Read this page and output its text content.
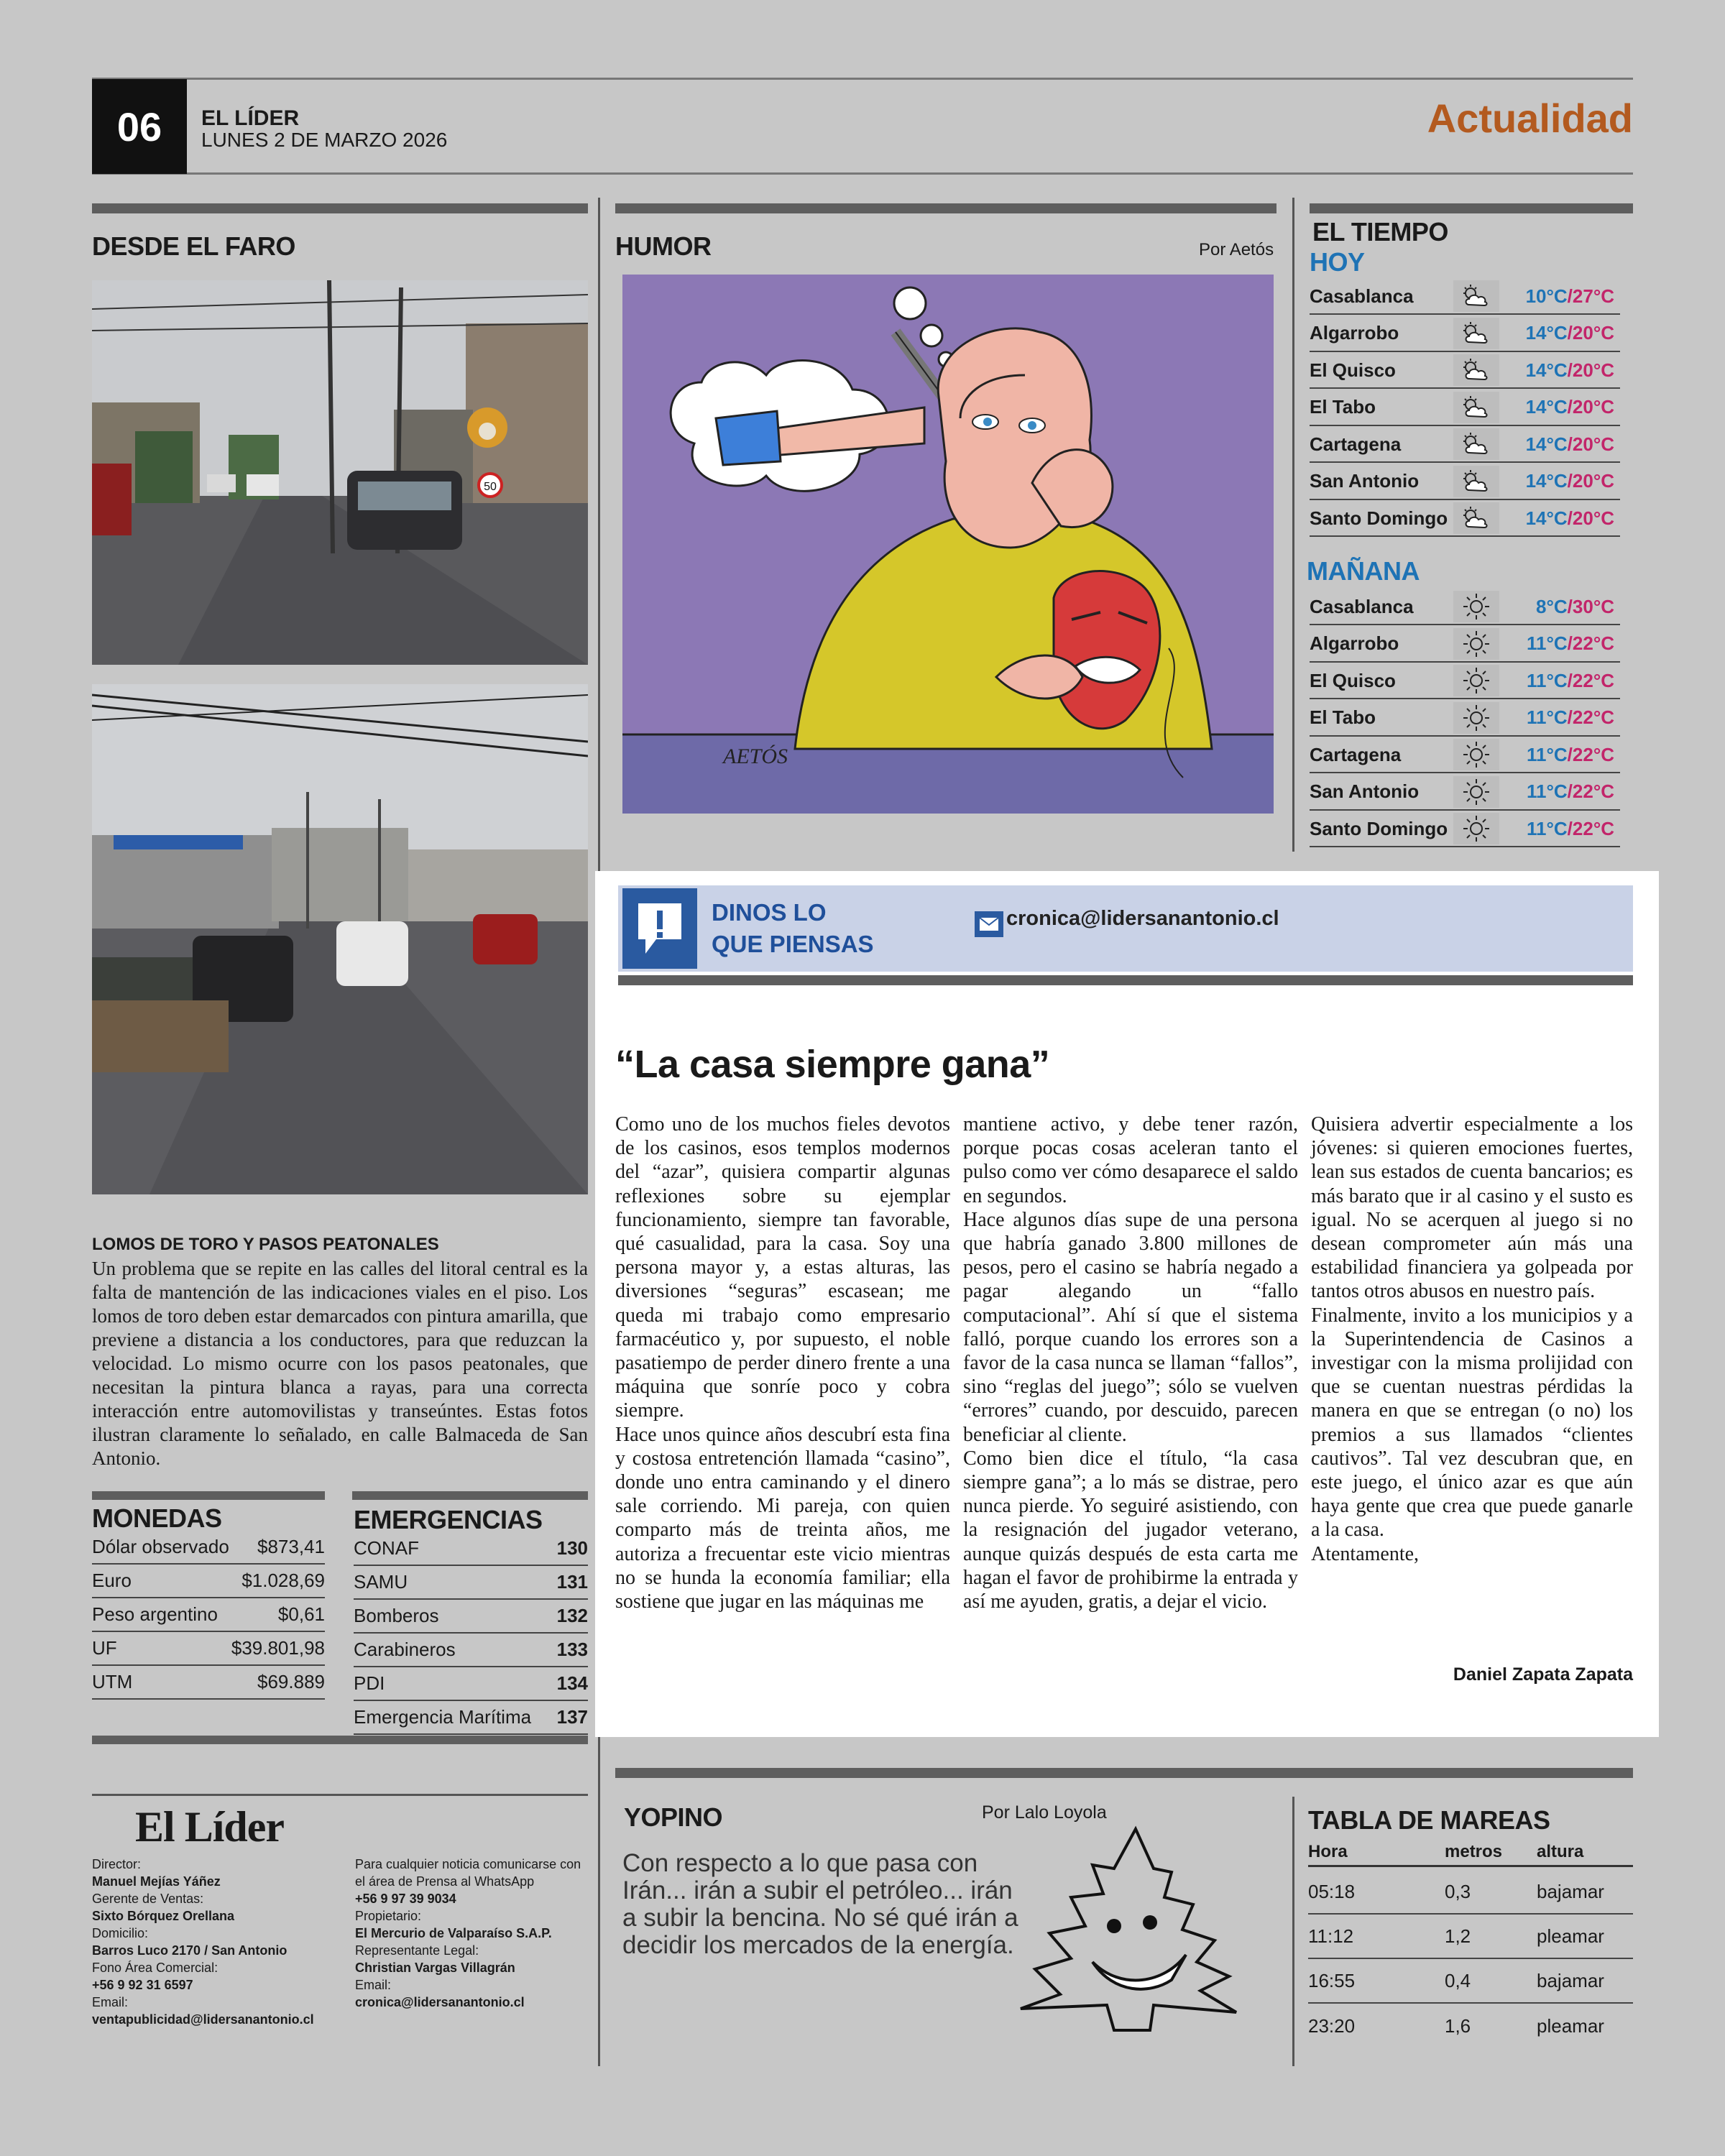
06	EL LÍDER
LUNES 2 DE MARZO 2026	Actualidad
DESDE EL FARO
50
LOMOS DE TORO Y PASOS PEATONALES
Un problema que se repite en las calles del litoral central es la falta de mantención de las indicaciones viales en el piso. Los lomos de toro deben estar demarcados con pintura amarilla, que previene a distancia a los conductores, para que reduzcan la velocidad. Lo mismo ocurre con los pasos peatonales, que necesitan la pintura blanca a rayas, para una correcta interacción entre automovilistas y transeúntes. Estas fotos ilustran claramente lo señalado, en calle Balmaceda de San Antonio.
MONEDAS
Dólar observado $873,41
Euro	$1.028,69
Peso argentino	$0,61
UF	$39.801,98
UTM	$69.889
EMERGENCIAS
CONAF	130
SAMU	131
Bomberos	132
Carabineros	133
PDI	134
Emergencia Marítima 137
HUMOR	Por Aetós
AETÓS
EL TIEMPO
HOY
MAÑANA
Casablanca	10°C/27°C
Algarrobo	14°C/20°C
El Quisco	14°C/20°C
El Tabo	14°C/20°C
Cartagena	14°C/20°C
San Antonio	14°C/20°C
Santo Domingo	14°C/20°C
Casablanca	8°C/30°C
Algarrobo	11°C/22°C
El Quisco	11°C/22°C
El Tabo	11°C/22°C
Cartagena	11°C/22°C
San Antonio	11°C/22°C
Santo Domingo	11°C/22°C
DINOS LO
QUE PIENSAS
cronica@lidersanantonio.cl
“La casa siempre gana”
Como uno de los muchos fieles devotos de los casinos, esos templos modernos del “azar”, quisiera compartir algunas reflexiones sobre su ejemplar funcionamiento, siempre tan favorable, qué casualidad, para la casa. Soy una persona mayor y, a estas alturas, las diversiones “seguras” escasean; me queda mi trabajo como empresario farmacéutico y, por supuesto, el noble pasatiempo de perder dinero frente a una máquina que sonríe poco y cobra siempre.
Hace unos quince años descubrí esta fina y costosa entretención llamada “casino”, donde uno entra caminando y el dinero sale corriendo. Mi pareja, con quien comparto más de treinta años, me autoriza a frecuentar este vicio mientras no se hunda la economía familiar; ella sostiene que jugar en las máquinas me
mantiene activo, y debe tener razón, porque pocas cosas aceleran tanto el pulso como ver cómo desaparece el saldo en segundos.
Hace algunos días supe de una persona que habría ganado 3.800 millones de pesos, pero el casino se habría negado a pagar alegando un “fallo computacional”. Ahí sí que el sistema falló, porque cuando los errores son a favor de la casa nunca se llaman “fallos”, sino “reglas del juego”; sólo se vuelven “errores” cuando, por descuido, parecen beneficiar al cliente.
Como bien dice el título, “la casa siempre gana”; a lo más se distrae, pero nunca pierde. Yo seguiré asistiendo, con la resignación del jugador veterano, aunque quizás después de esta carta me hagan el favor de prohibirme la entrada y así me ayuden, gratis, a dejar el vicio.
Quisiera advertir especialmente a los jóvenes: si quieren emociones fuertes, lean sus estados de cuenta bancarios; es más barato que ir al casino y el susto es igual. No se acerquen al juego si no desean comprometer aún más una estabilidad financiera ya golpeada por tantos otros abusos en nuestro país.
Finalmente, invito a los municipios y a la Superintendencia de Casinos a investigar con la misma prolijidad con que se cuentan nuestras pérdidas la manera en que se entregan (o no) los premios a sus llamados “clientes cautivos”. Tal vez descubran que, en este juego, el único azar es que aún haya gente que crea que puede ganarle a la casa.
Atentamente,
Daniel Zapata Zapata
El Líder
Director:
Manuel Mejías Yáñez
Gerente de Ventas:
Sixto Bórquez Orellana
Domicilio:
Barros Luco 2170 / San Antonio
Fono Área Comercial:
+56 9 92 31 6597
Email:
ventapublicidad@lidersanantonio.cl
Para cualquier noticia comunicarse con el área de Prensa al WhatsApp
+56 9 97 39 9034
Propietario:
El Mercurio de Valparaíso S.A.P.
Representante Legal:
Christian Vargas Villagrán
Email:
cronica@lidersanantonio.cl
YOPINO	Por Lalo Loyola
Con respecto a lo que pasa con Irán... irán a subir el petróleo... irán a subir la bencina. No sé qué irán a decidir los mercados de la energía.
TABLA DE MAREAS
Hora	metros	altura
05:18	0,3	bajamar
11:12	1,2	pleamar
16:55	0,4	bajamar
23:20	1,6	pleamar
